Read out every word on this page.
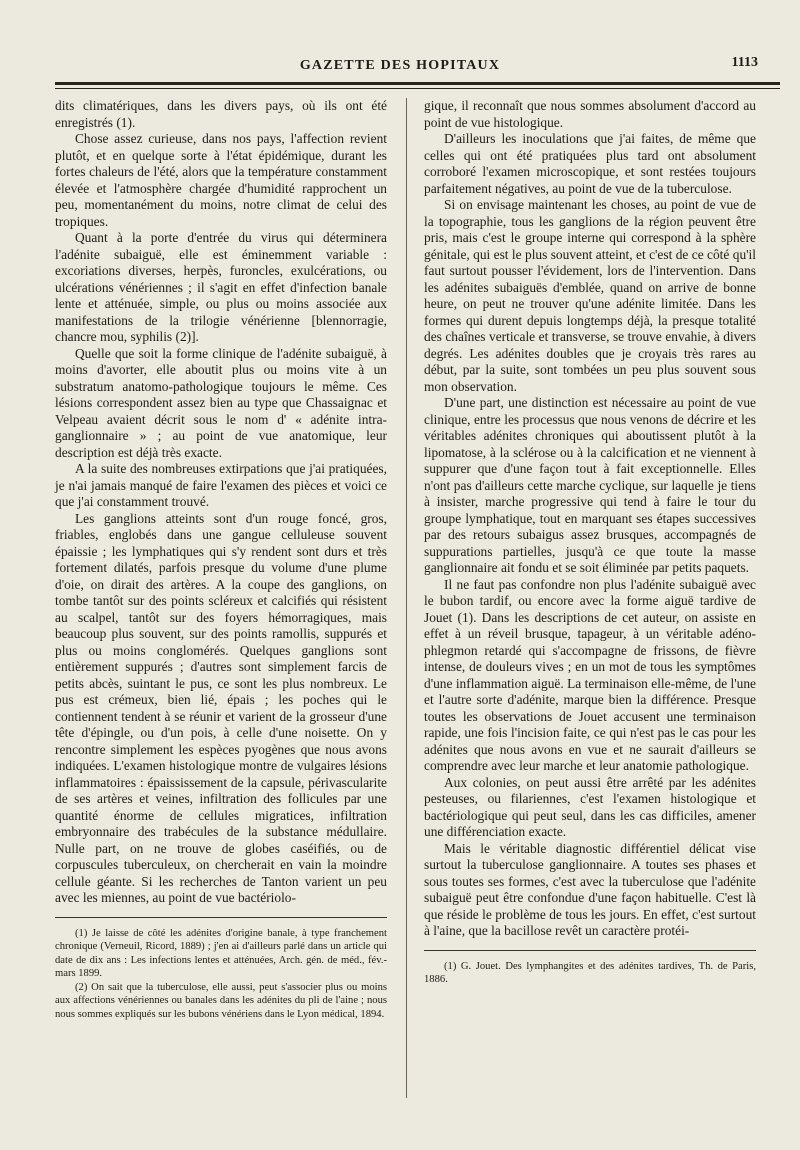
GAZETTE DES HOPITAUX	1113

dits climatériques, dans les divers pays, où ils ont été enregistrés (1).

Chose assez curieuse, dans nos pays, l'affection revient plutôt, et en quelque sorte à l'état épidémique, durant les fortes chaleurs de l'été, alors que la température constamment élevée et l'atmosphère chargée d'humidité rapprochent un peu, momentanément du moins, notre climat de celui des tropiques.

Quant à la porte d'entrée du virus qui déterminera l'adénite subaiguë, elle est éminemment variable : excoriations diverses, herpès, furoncles, exulcérations, ou ulcérations vénériennes ; il s'agit en effet d'infection banale lente et atténuée, simple, ou plus ou moins associée aux manifestations de la trilogie vénérienne [blennorragie, chancre mou, syphilis (2)].

Quelle que soit la forme clinique de l'adénite subaiguë, à moins d'avorter, elle aboutit plus ou moins vite à un substratum anatomo-pathologique toujours le même. Ces lésions correspondent assez bien au type que Chassaignac et Velpeau avaient décrit sous le nom d' « adénite intra-ganglionnaire » ; au point de vue anatomique, leur description est déjà très exacte.

A la suite des nombreuses extirpations que j'ai pratiquées, je n'ai jamais manqué de faire l'examen des pièces et voici ce que j'ai constamment trouvé.

Les ganglions atteints sont d'un rouge foncé, gros, friables, englobés dans une gangue celluleuse souvent épaissie ; les lymphatiques qui s'y rendent sont durs et très fortement dilatés, parfois presque du volume d'une plume d'oie, on dirait des artères. A la coupe des ganglions, on tombe tantôt sur des points scléreux et calcifiés qui résistent au scalpel, tantôt sur des foyers hémorragiques, mais beaucoup plus souvent, sur des points ramollis, suppurés et plus ou moins conglomérés. Quelques ganglions sont entièrement suppurés ; d'autres sont simplement farcis de petits abcès, suintant le pus, ce sont les plus nombreux. Le pus est crémeux, bien lié, épais ; les poches qui le contiennent tendent à se réunir et varient de la grosseur d'une tête d'épingle, ou d'un pois, à celle d'une noisette. On y rencontre simplement les espèces pyogènes que nous avons indiquées. L'examen histologique montre de vulgaires lésions inflammatoires : épaississement de la capsule, périvascularite de ses artères et veines, infiltration des follicules par une quantité énorme de cellules migratices, infiltration embryonnaire des trabécules de la substance médullaire. Nulle part, on ne trouve de globes caséifiés, ou de corpuscules tuberculeux, on chercherait en vain la moindre cellule géante. Si les recherches de Tanton varient un peu avec les miennes, au point de vue bactériolo-

(1) Je laisse de côté les adénites d'origine banale, à type franchement chronique (Verneuil, Ricord, 1889) ; j'en ai d'ailleurs parlé dans un article qui date de dix ans : Les infections lentes et atténuées, Arch. gén. de méd., fév.-mars 1899.

(2) On sait que la tuberculose, elle aussi, peut s'associer plus ou moins aux affections vénériennes ou banales dans les adénites du pli de l'aine ; nous nous sommes expliqués sur les bubons vénériens dans le Lyon médical, 1894.

gique, il reconnaît que nous sommes absolument d'accord au point de vue histologique.

D'ailleurs les inoculations que j'ai faites, de même que celles qui ont été pratiquées plus tard ont absolument corroboré l'examen microscopique, et sont restées toujours parfaitement négatives, au point de vue de la tuberculose.

Si on envisage maintenant les choses, au point de vue de la topographie, tous les ganglions de la région peuvent être pris, mais c'est le groupe interne qui correspond à la sphère génitale, qui est le plus souvent atteint, et c'est de ce côté qu'il faut surtout pousser l'évidement, lors de l'intervention. Dans les adénites subaiguës d'emblée, quand on arrive de bonne heure, on peut ne trouver qu'une adénite limitée. Dans les formes qui durent depuis longtemps déjà, la presque totalité des chaînes verticale et transverse, se trouve envahie, à divers degrés. Les adénites doubles que je croyais très rares au début, par la suite, sont tombées un peu plus souvent sous mon observation.

D'une part, une distinction est nécessaire au point de vue clinique, entre les processus que nous venons de décrire et les véritables adénites chroniques qui aboutissent plutôt à la lipomatose, à la sclérose ou à la calcification et ne viennent à suppurer que d'une façon tout à fait exceptionnelle. Elles n'ont pas d'ailleurs cette marche cyclique, sur laquelle je tiens à insister, marche progressive qui tend à faire le tour du groupe lymphatique, tout en marquant ses étapes successives par des retours subaigus assez brusques, accompagnés de suppurations partielles, jusqu'à ce que toute la masse ganglionnaire ait fondu et se soit éliminée par petits paquets.

Il ne faut pas confondre non plus l'adénite subaiguë avec le bubon tardif, ou encore avec la forme aiguë tardive de Jouet (1). Dans les descriptions de cet auteur, on assiste en effet à un réveil brusque, tapageur, à un véritable adéno-phlegmon retardé qui s'accompagne de frissons, de fièvre intense, de douleurs vives ; en un mot de tous les symptômes d'une inflammation aiguë. La terminaison elle-même, de l'une et l'autre sorte d'adénite, marque bien la différence. Presque toutes les observations de Jouet accusent une terminaison rapide, une fois l'incision faite, ce qui n'est pas le cas pour les adénites que nous avons en vue et ne saurait d'ailleurs se comprendre avec leur marche et leur anatomie pathologique.

Aux colonies, on peut aussi être arrêté par les adénites pesteuses, ou filariennes, c'est l'examen histologique et bactériologique qui peut seul, dans les cas difficiles, amener une différenciation exacte.

Mais le véritable diagnostic différentiel délicat vise surtout la tuberculose ganglionnaire. A toutes ses phases et sous toutes ses formes, c'est avec la tuberculose que l'adénite subaiguë peut être confondue d'une façon habituelle. C'est là que réside le problème de tous les jours. En effet, c'est surtout à l'aine, que la bacillose revêt un caractère protéi-

(1) G. Jouet. Des lymphangites et des adénites tardives, Th. de Paris, 1886.
